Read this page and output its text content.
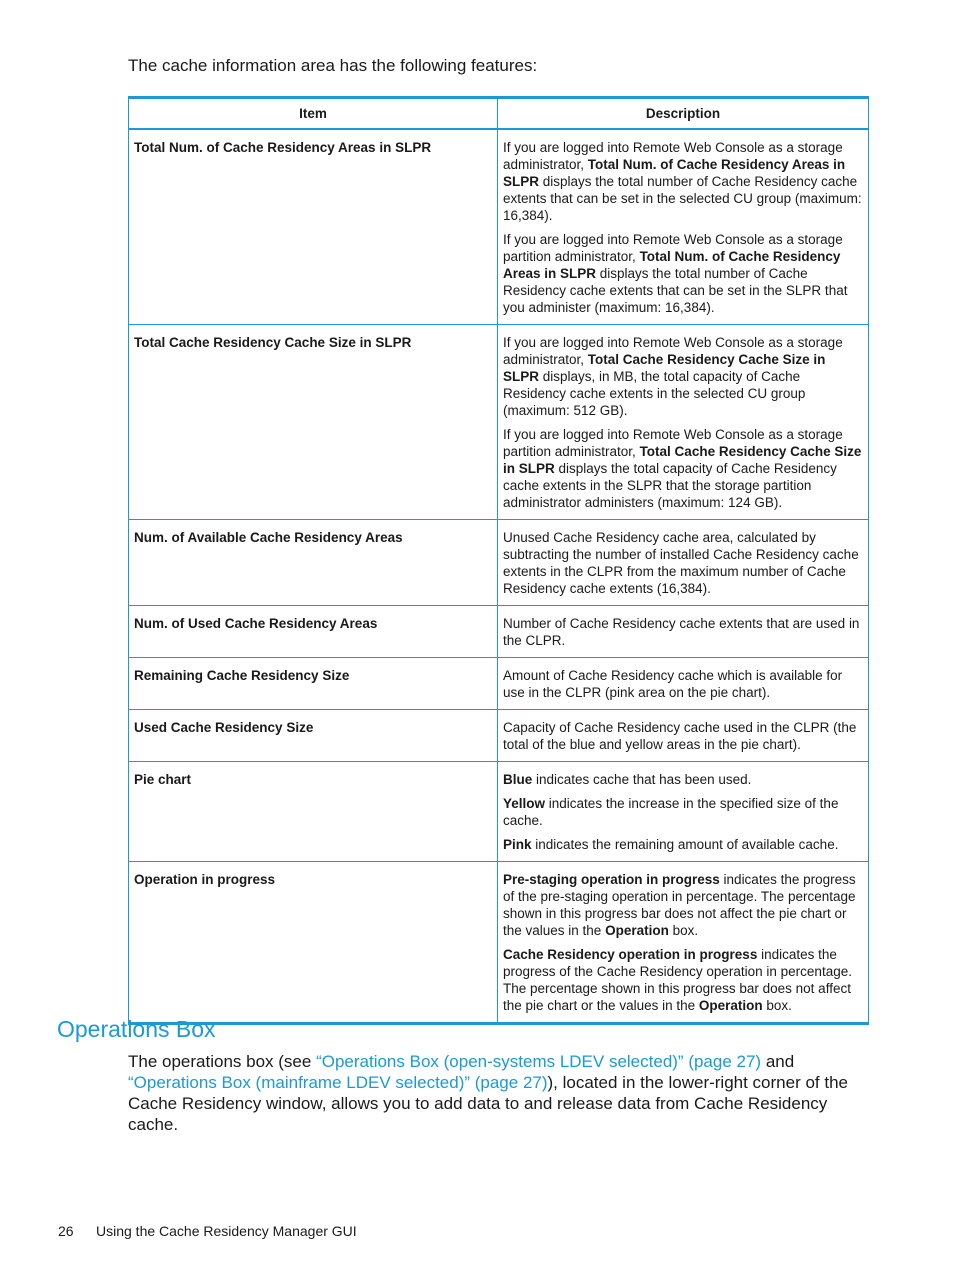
The cache information area has the following features:

Item	Description
Total Num. of Cache Residency Areas in SLPR	If you are logged into Remote Web Console as a storage administrator, Total Num. of Cache Residency Areas in SLPR displays the total number of Cache Residency cache extents that can be set in the selected CU group (maximum: 16,384).

If you are logged into Remote Web Console as a storage partition administrator, Total Num. of Cache Residency Areas in SLPR displays the total number of Cache Residency cache extents that can be set in the SLPR that you administer (maximum: 16,384).

Total Cache Residency Cache Size in SLPR	If you are logged into Remote Web Console as a storage administrator, Total Cache Residency Cache Size in SLPR displays, in MB, the total capacity of Cache Residency cache extents in the selected CU group (maximum: 512 GB).

If you are logged into Remote Web Console as a storage partition administrator, Total Cache Residency Cache Size in SLPR displays the total capacity of Cache Residency cache extents in the SLPR that the storage partition administrator administers (maximum: 124 GB).

Num. of Available Cache Residency Areas	Unused Cache Residency cache area, calculated by subtracting the number of installed Cache Residency cache extents in the CLPR from the maximum number of Cache Residency cache extents (16,384).

Num. of Used Cache Residency Areas	Number of Cache Residency cache extents that are used in the CLPR.

Remaining Cache Residency Size	Amount of Cache Residency cache which is available for use in the CLPR (pink area on the pie chart).

Used Cache Residency Size	Capacity of Cache Residency cache used in the CLPR (the total of the blue and yellow areas in the pie chart).

Pie chart	Blue indicates cache that has been used.

Yellow indicates the increase in the specified size of the cache.

Pink indicates the remaining amount of available cache.

Operation in progress	Pre-staging operation in progress indicates the progress of the pre-staging operation in percentage. The percentage shown in this progress bar does not affect the pie chart or the values in the Operation box.

Cache Residency operation in progress indicates the progress of the Cache Residency operation in percentage. The percentage shown in this progress bar does not affect the pie chart or the values in the Operation box.

Operations Box

The operations box (see “Operations Box (open-systems LDEV selected)” (page 27) and “Operations Box (mainframe LDEV selected)” (page 27)), located in the lower-right corner of the Cache Residency window, allows you to add data to and release data from Cache Residency cache.

26 Using the Cache Residency Manager GUI
